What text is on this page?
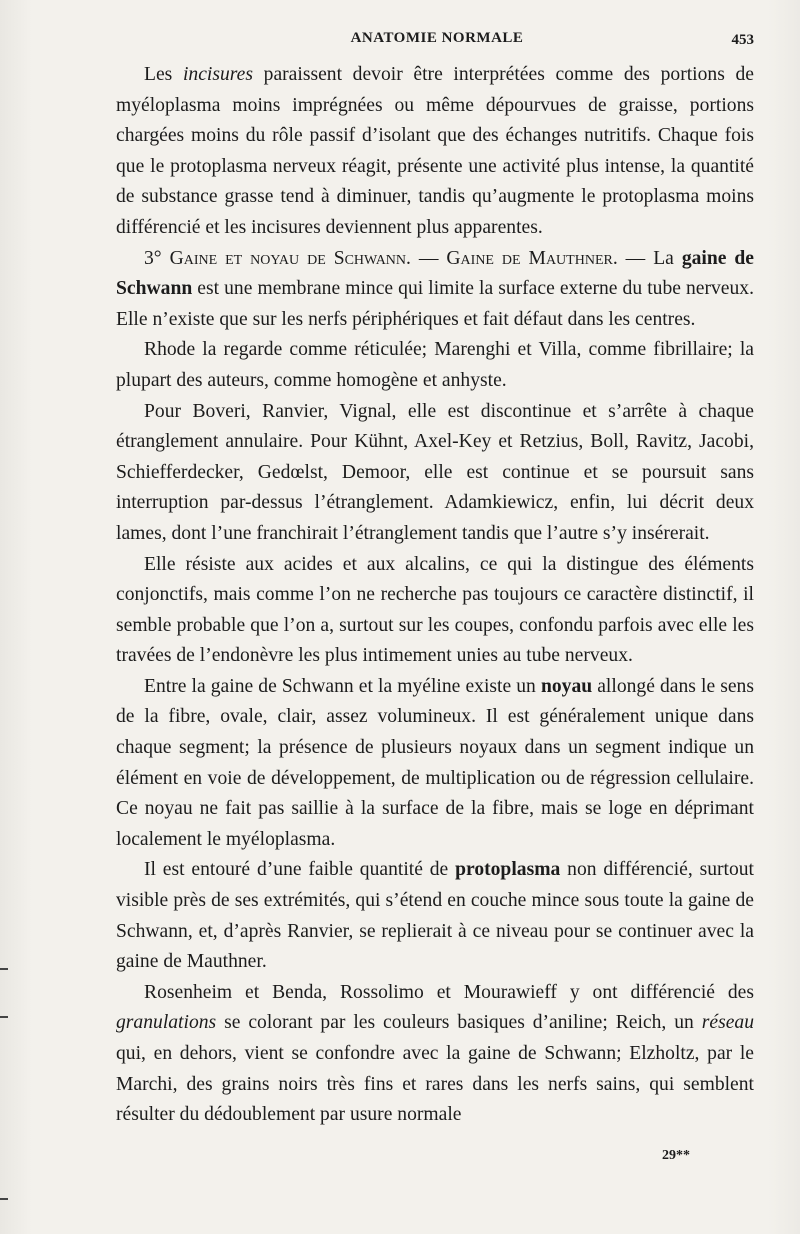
ANATOMIE NORMALE	453

Les incisures paraissent devoir être interprétées comme des portions de myéloplasma moins imprégnées ou même dépourvues de graisse, portions chargées moins du rôle passif d’isolant que des échanges nutritifs. Chaque fois que le protoplasma nerveux réagit, présente une activité plus intense, la quantité de substance grasse tend à diminuer, tandis qu’augmente le protoplasma moins différencié et les incisures deviennent plus apparentes.

3° Gaine et noyau de Schwann. — Gaine de Mauthner. — La gaine de Schwann est une membrane mince qui limite la surface externe du tube nerveux. Elle n’existe que sur les nerfs périphériques et fait défaut dans les centres.

Rhode la regarde comme réticulée; Marenghi et Villa, comme fibrillaire; la plupart des auteurs, comme homogène et anhyste.

Pour Boveri, Ranvier, Vignal, elle est discontinue et s’arrête à chaque étranglement annulaire. Pour Kühnt, Axel-Key et Retzius, Boll, Ravitz, Jacobi, Schiefferdecker, Gedœlst, Demoor, elle est continue et se poursuit sans interruption par-dessus l’étranglement. Adamkiewicz, enfin, lui décrit deux lames, dont l’une franchirait l’étranglement tandis que l’autre s’y insérerait.

Elle résiste aux acides et aux alcalins, ce qui la distingue des éléments conjonctifs, mais comme l’on ne recherche pas toujours ce caractère distinctif, il semble probable que l’on a, surtout sur les coupes, confondu parfois avec elle les travées de l’endonèvre les plus intimement unies au tube nerveux.

Entre la gaine de Schwann et la myéline existe un noyau allongé dans le sens de la fibre, ovale, clair, assez volumineux. Il est généralement unique dans chaque segment; la présence de plusieurs noyaux dans un segment indique un élément en voie de développement, de multiplication ou de régression cellulaire. Ce noyau ne fait pas saillie à la surface de la fibre, mais se loge en déprimant localement le myéloplasma.

Il est entouré d’une faible quantité de protoplasma non différencié, surtout visible près de ses extrémités, qui s’étend en couche mince sous toute la gaine de Schwann, et, d’après Ranvier, se replierait à ce niveau pour se continuer avec la gaine de Mauthner.

Rosenheim et Benda, Rossolimo et Mourawieff y ont différencié des granulations se colorant par les couleurs basiques d’aniline; Reich, un réseau qui, en dehors, vient se confondre avec la gaine de Schwann; Elzholtz, par le Marchi, des grains noirs très fins et rares dans les nerfs sains, qui semblent résulter du dédoublement par usure normale

29**
